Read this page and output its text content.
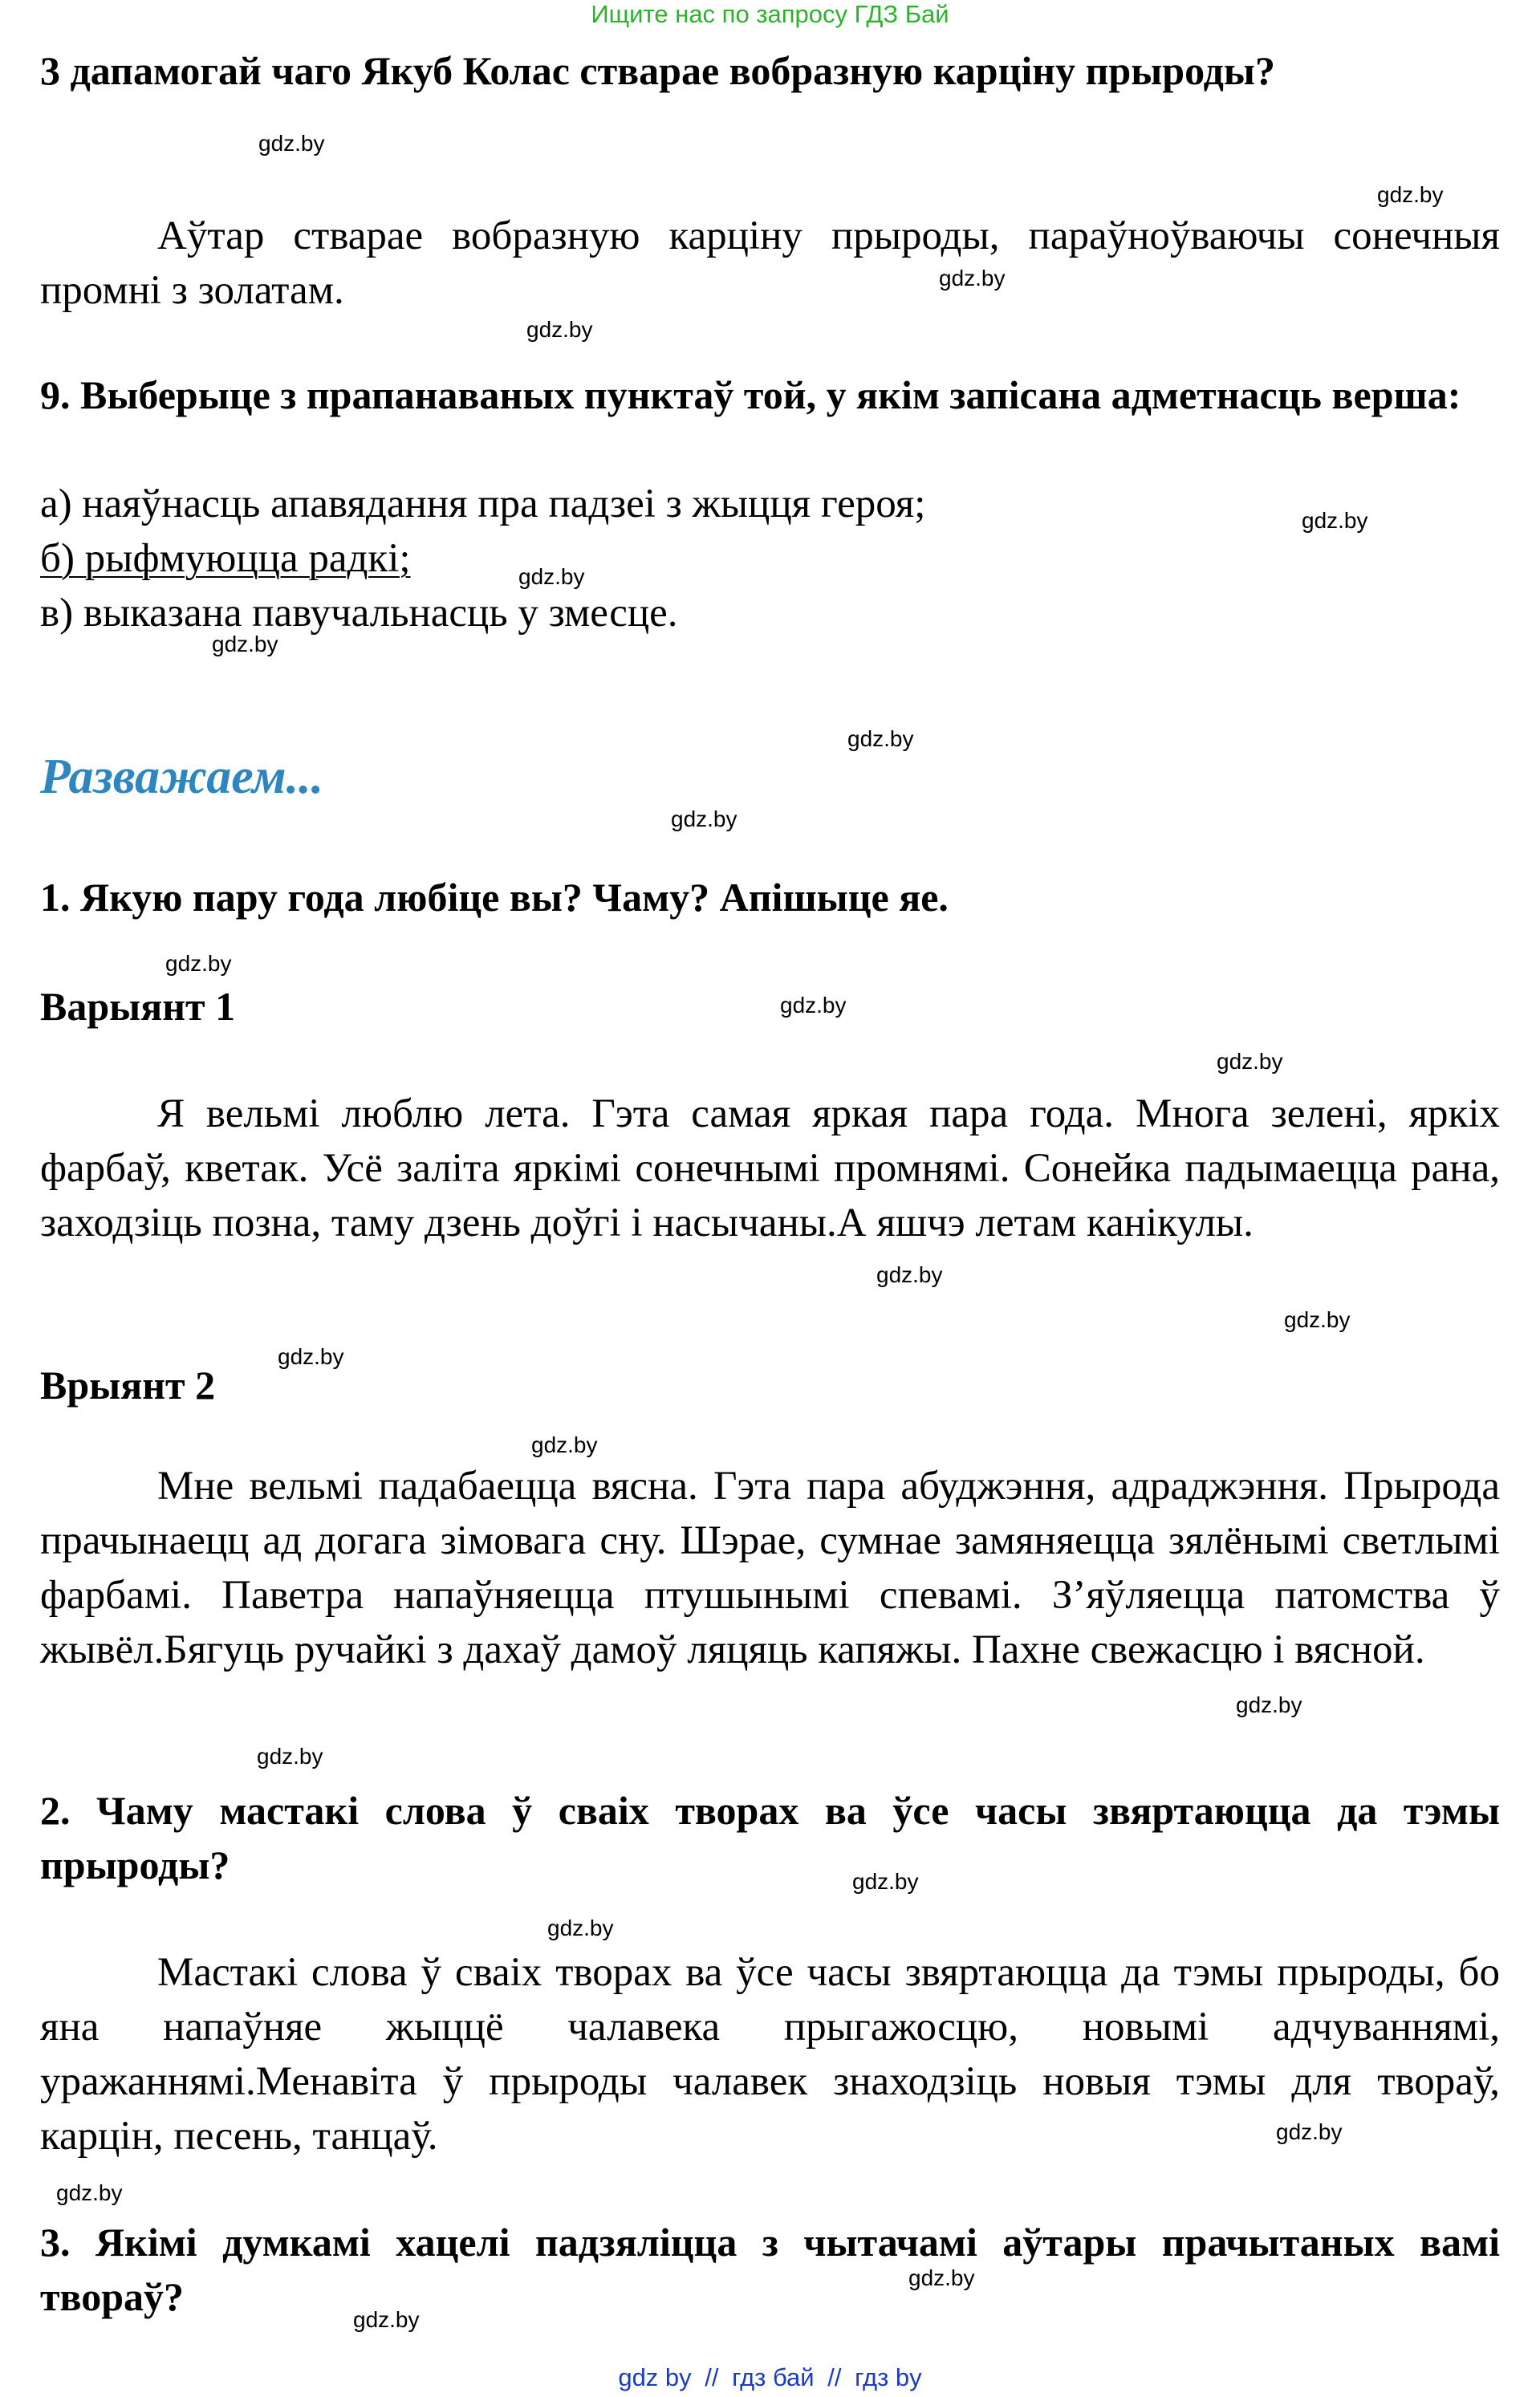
Ищите нас по запросу ГДЗ Бай
3 дапамогай чаго Якуб Колас стварае вобразную карціну прыроды?
Аўтар стварае вобразную карціну прыроды, параўноўваючы сонечныя промні з золатам.
9. Выберыце з прапанаваных пунктаў той, у якім запісана адметнасць верша:
а) наяўнасць апавядання пра падзеі з жыцця героя;
б) рыфмуюцца радкі;
в) выказана павучальнасць у змесце.
Разважаем...
1. Якую пару года любіце вы? Чаму? Апішыце яе.
Варыянт 1
Я вельмі люблю лета. Гэта самая яркая пара года. Многа зелені, яркіх фарбаў, кветак. Усё заліта яркімі сонечнымі промнямі. Сонейка падымаецца рана, заходзіць позна, таму дзень доўгі і насычаны.А яшчэ летам канікулы.
Врыянт 2
Мне вельмі падабаецца вясна. Гэта пара абуджэння, адраджэння. Прырода прачынаецц ад догага зімовага сну. Шэрае, сумнае замяняецца зялёнымі светлымі фарбамі. Паветра напаўняецца птушынымі спевамі. З’яўляецца патомства ў жывёл.Бягуць ручайкі з дахаў дамоў ляцяць капяжы. Пахне свежасцю і вясной.
2. Чаму мастакі слова ў сваіх творах ва ўсе часы звяртаюцца да тэмы прыроды?
Мастакі слова ў сваіх творах ва ўсе часы звяртаюцца да тэмы прыроды, бо яна напаўняе жыццё чалавека прыгажосцю, новымі адчуваннямі, уражаннямі.Менавіта ў прыроды чалавек знаходзіць новыя тэмы для твораў, карцін, песень, танцаў.
3. Якімі думкамі хацелі падзяліцца з чытачамі аўтары прачытаных вамі твораў?
gdz.by
gdz.by
gdz.by
gdz.by
gdz.by
gdz.by
gdz.by
gdz.by
gdz.by
gdz.by
gdz.by
gdz.by
gdz.by
gdz.by
gdz.by
gdz.by
gdz.by
gdz.by
gdz.by
gdz.by
gdz.by
gdz.by
gdz.by
gdz.by
gdz by // гдз бай // гдз by
